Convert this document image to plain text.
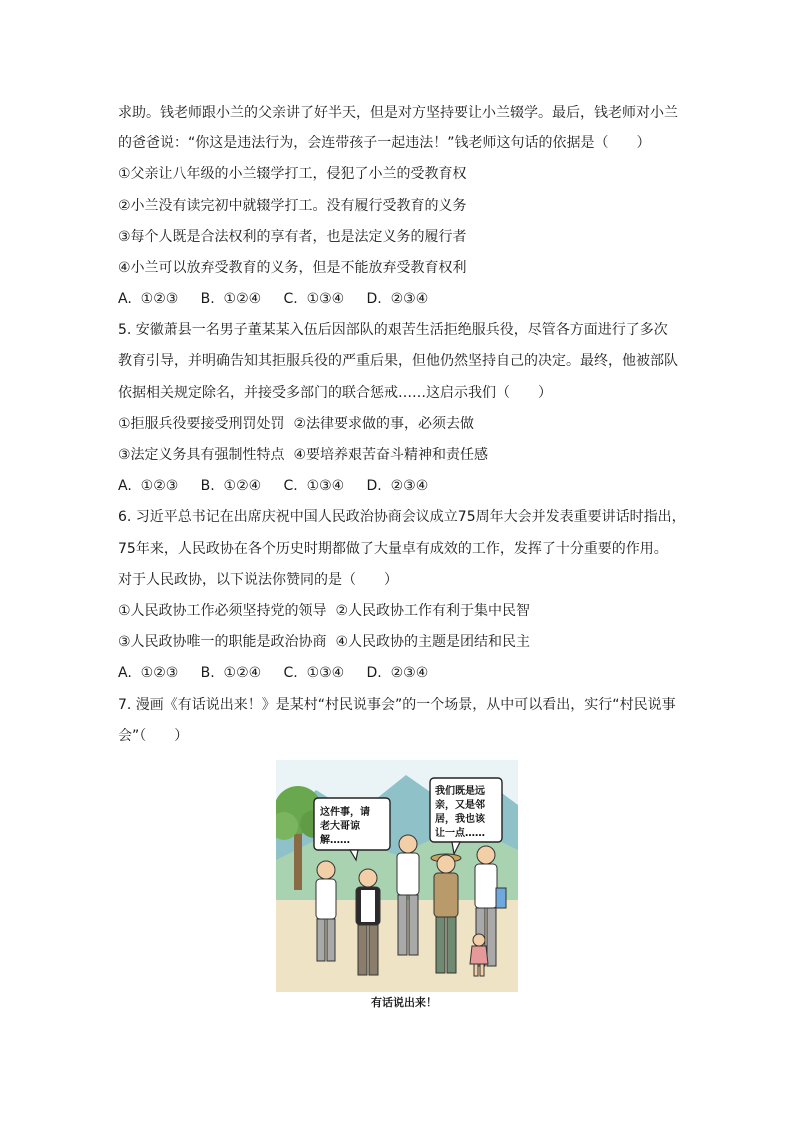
求助。钱老师跟小兰的父亲讲了好半天，但是对方坚持要让小兰辍学。最后，钱老师对小兰
的爸爸说：“你这是违法行为，会连带孩子一起违法！”钱老师这句话的依据是（　　）
①父亲让八年级的小兰辍学打工，侵犯了小兰的受教育权
②小兰没有读完初中就辍学打工。没有履行受教育的义务
③每个人既是合法权利的享有者，也是法定义务的履行者
④小兰可以放弃受教育的义务，但是不能放弃受教育权利
A.  ①②③     B.  ①②④     C.  ①③④     D.  ②③④
5. 安徽萧县一名男子董某某入伍后因部队的艰苦生活拒绝服兵役，尽管各方面进行了多次
教育引导，并明确告知其拒服兵役的严重后果，但他仍然坚持自己的决定。最终，他被部队
依据相关规定除名，并接受多部门的联合惩戒……这启示我们（　　）
①拒服兵役要接受刑罚处罚  ②法律要求做的事，必须去做
③法定义务具有强制性特点  ④要培养艰苦奋斗精神和责任感
A.  ①②③     B.  ①②④     C.  ①③④     D.  ②③④
6. 习近平总书记在出席庆祝中国人民政治协商会议成立75周年大会并发表重要讲话时指出，
75年来，人民政协在各个历史时期都做了大量卓有成效的工作，发挥了十分重要的作用。
对于人民政协，以下说法你赞同的是（　　）
①人民政协工作必须坚持党的领导  ②人民政协工作有利于集中民智
③人民政协唯一的职能是政治协商  ④人民政协的主题是团结和民主
A.  ①②③     B.  ①②④     C.  ①③④     D.  ②③④
7. 漫画《有话说出来！》是某村“村民说事会”的一个场景，从中可以看出，实行“村民说事
会”（　　）
这件事，请
老大哥谅
解……
我们既是远
亲，又是邻
居，我也该
让一点……
有话说出来！
